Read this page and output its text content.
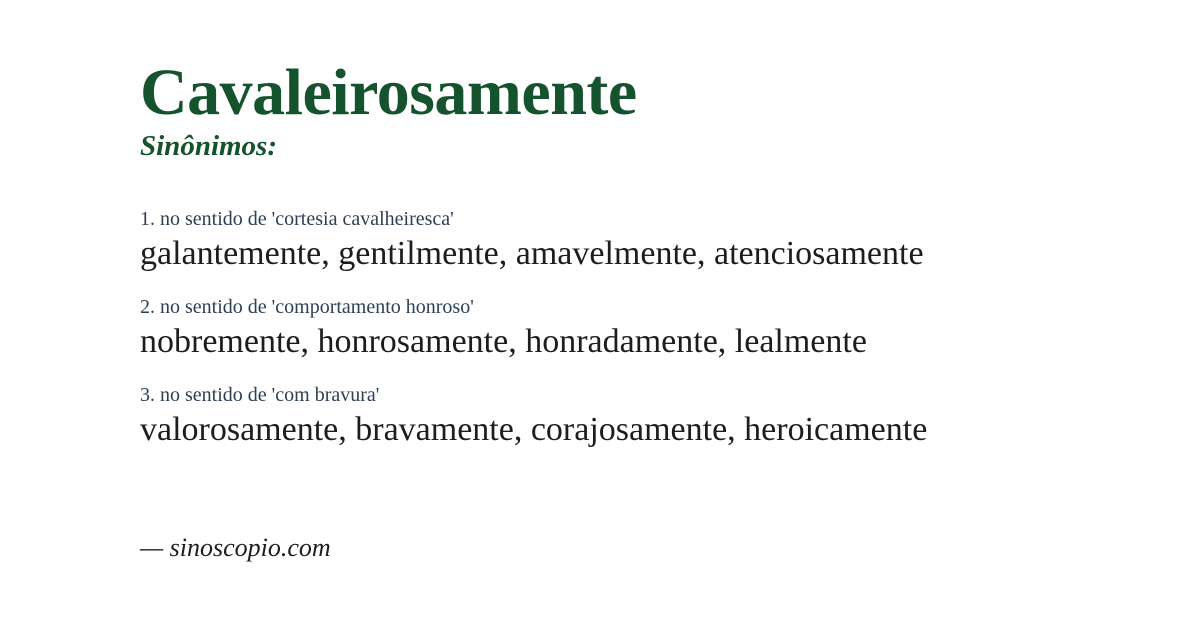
Cavaleirosamente
Sinônimos:
1. no sentido de 'cortesia cavalheiresca'
galantemente, gentilmente, amavelmente, atenciosamente
2. no sentido de 'comportamento honroso'
nobremente, honrosamente, honradamente, lealmente
3. no sentido de 'com bravura'
valorosamente, bravamente, corajosamente, heroicamente
— sinoscopio.com
